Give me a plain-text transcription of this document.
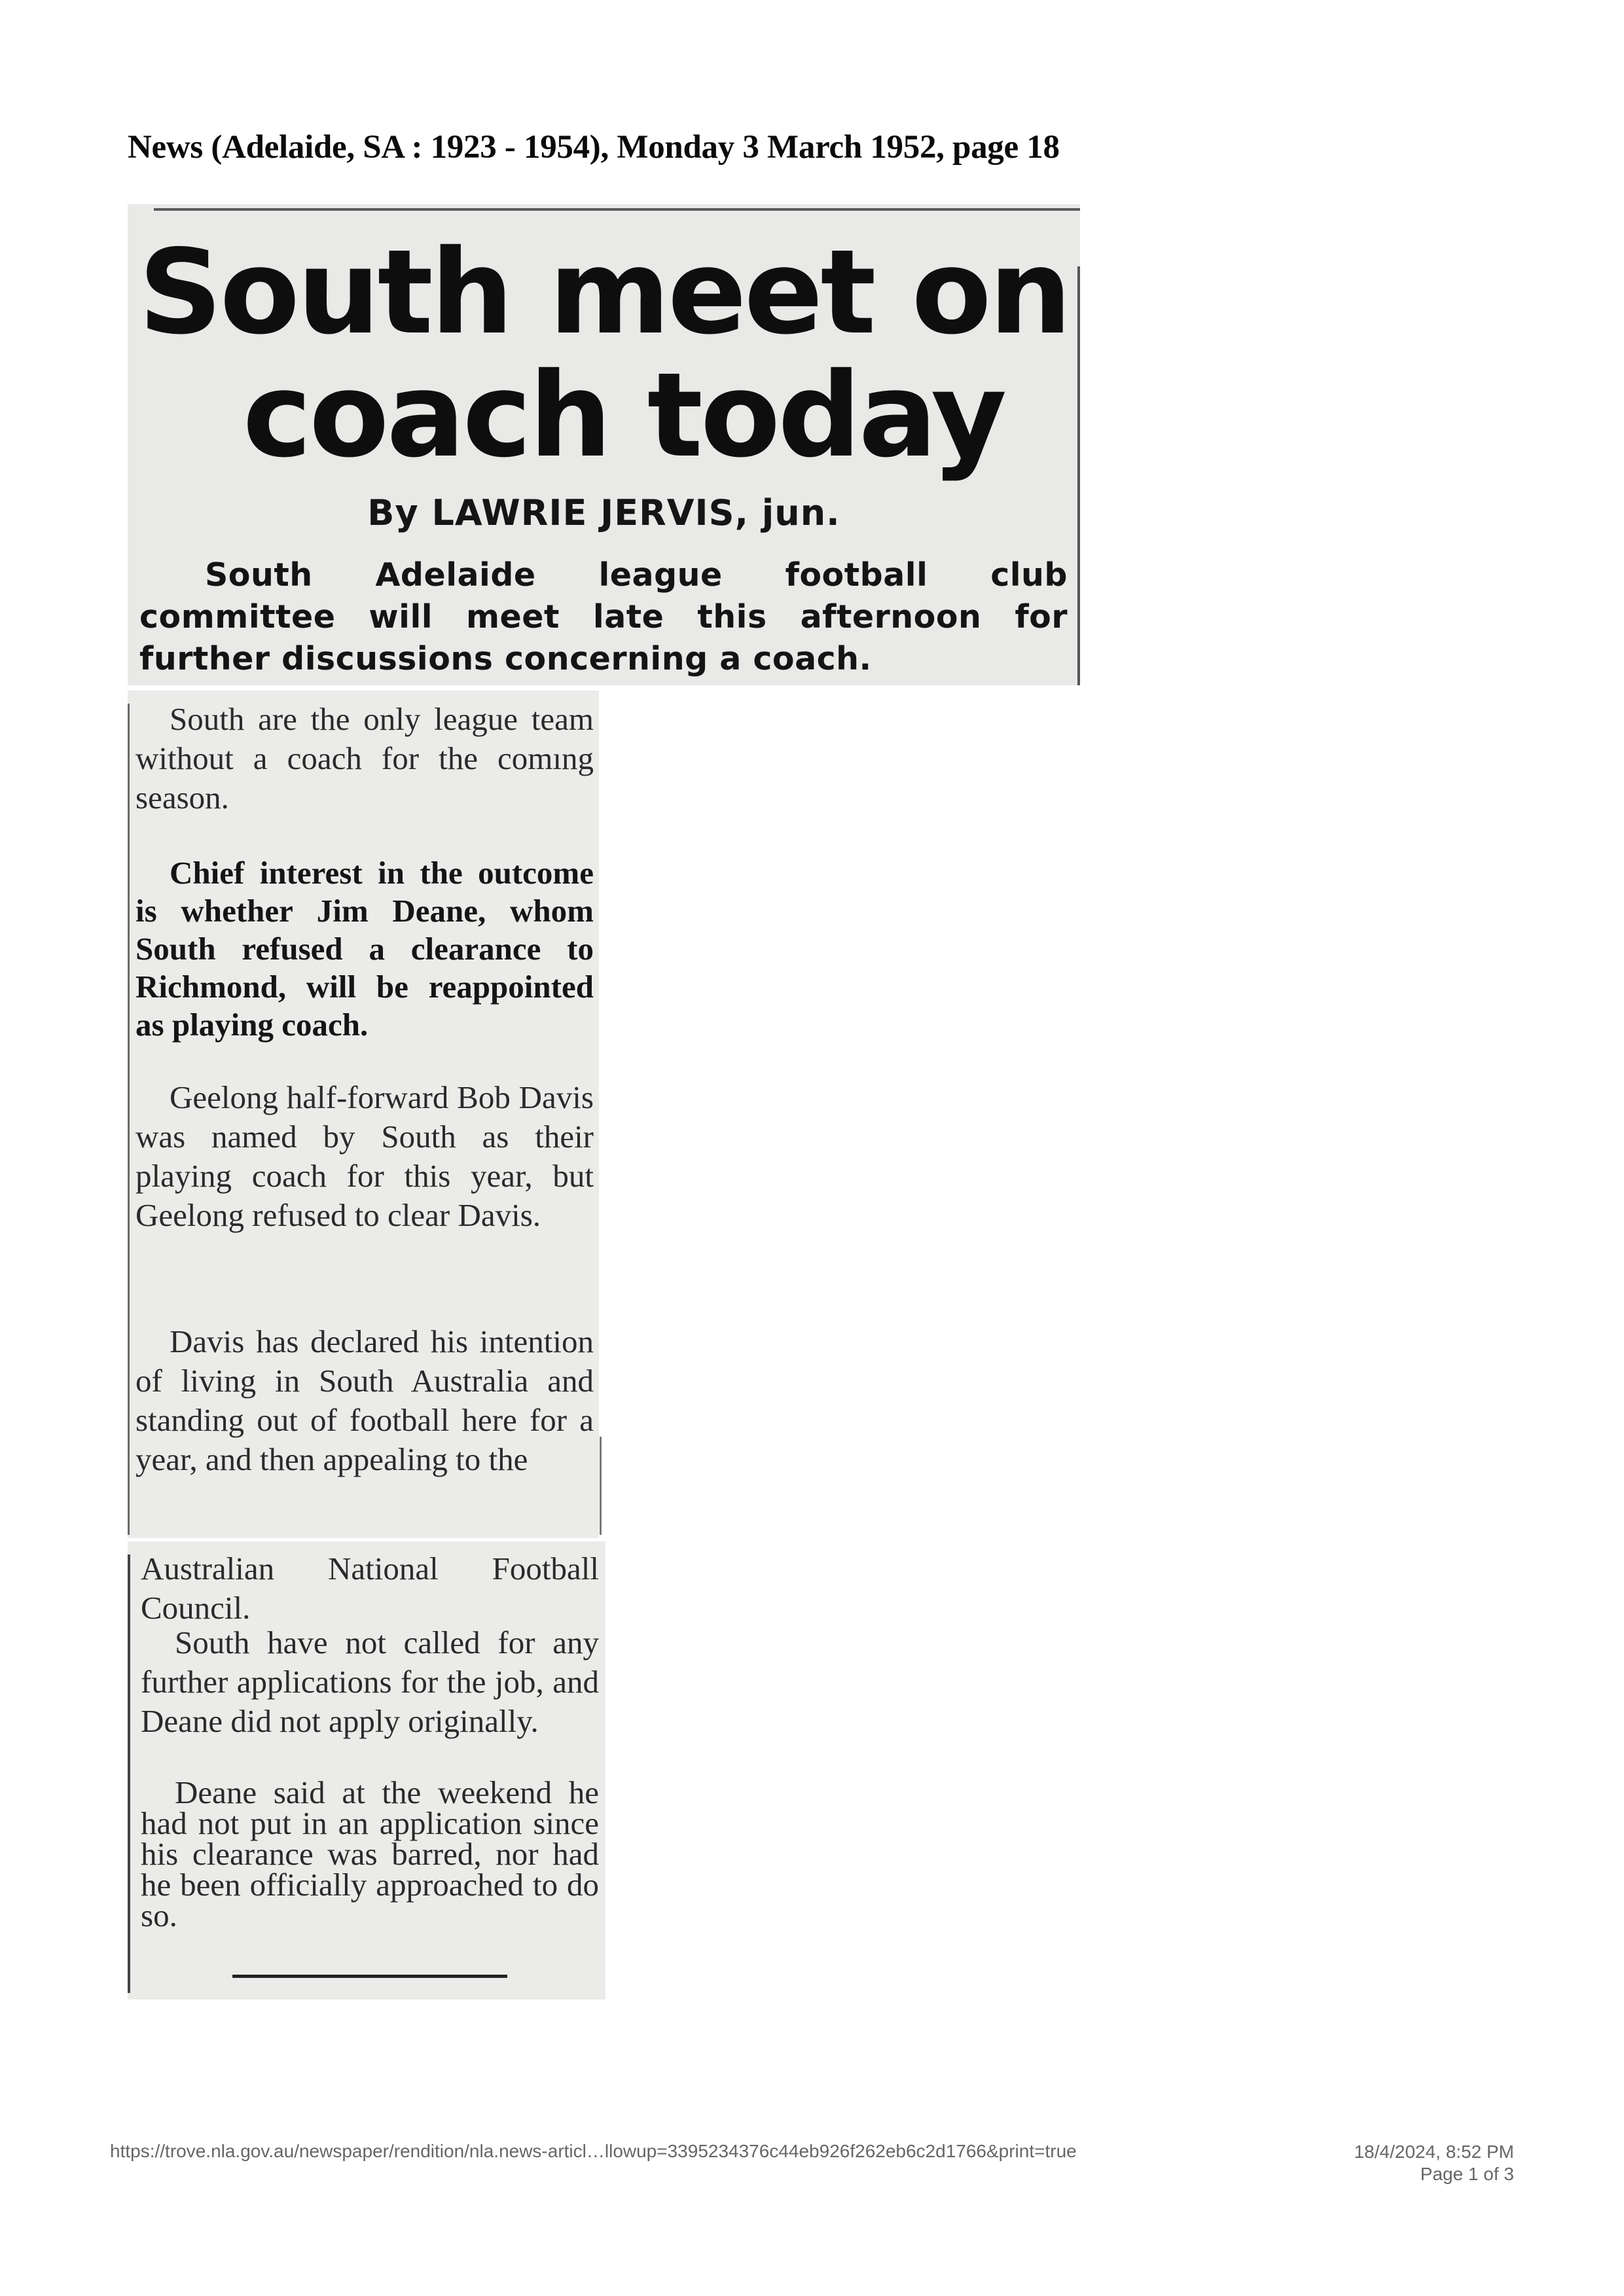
News (Adelaide, SA : 1923 - 1954), Monday 3 March 1952, page 18
South meet on
coach today
By LAWRIE JERVIS, jun.
South Adelaide league football club committee will meet late this afternoon for further discussions concerning a coach.
South are the only league team without a coach for the comıng season.
Chief interest in the outcome is whether Jim Deane, whom South refused a clearance to Richmond, will be reappointed as playing coach.
Geelong half-forward Bob Davis was named by South as their playing coach for this year, but Geelong refused to clear Davis.
Davis has declared his intention of living in South Australia and standing out of football here for a year, and then appealing to the
Australian National Football Council.
South have not called for any further applications for the job, and Deane did not apply originally.
Deane said at the weekend he had not put in an application since his clearance was barred, nor had he been officially approached to do so.
https://trove.nla.gov.au/newspaper/rendition/nla.news-articl…llowup=3395234376c44eb926f262eb6c2d1766&print=true	18/4/2024, 8:52 PM
Page 1 of 3
